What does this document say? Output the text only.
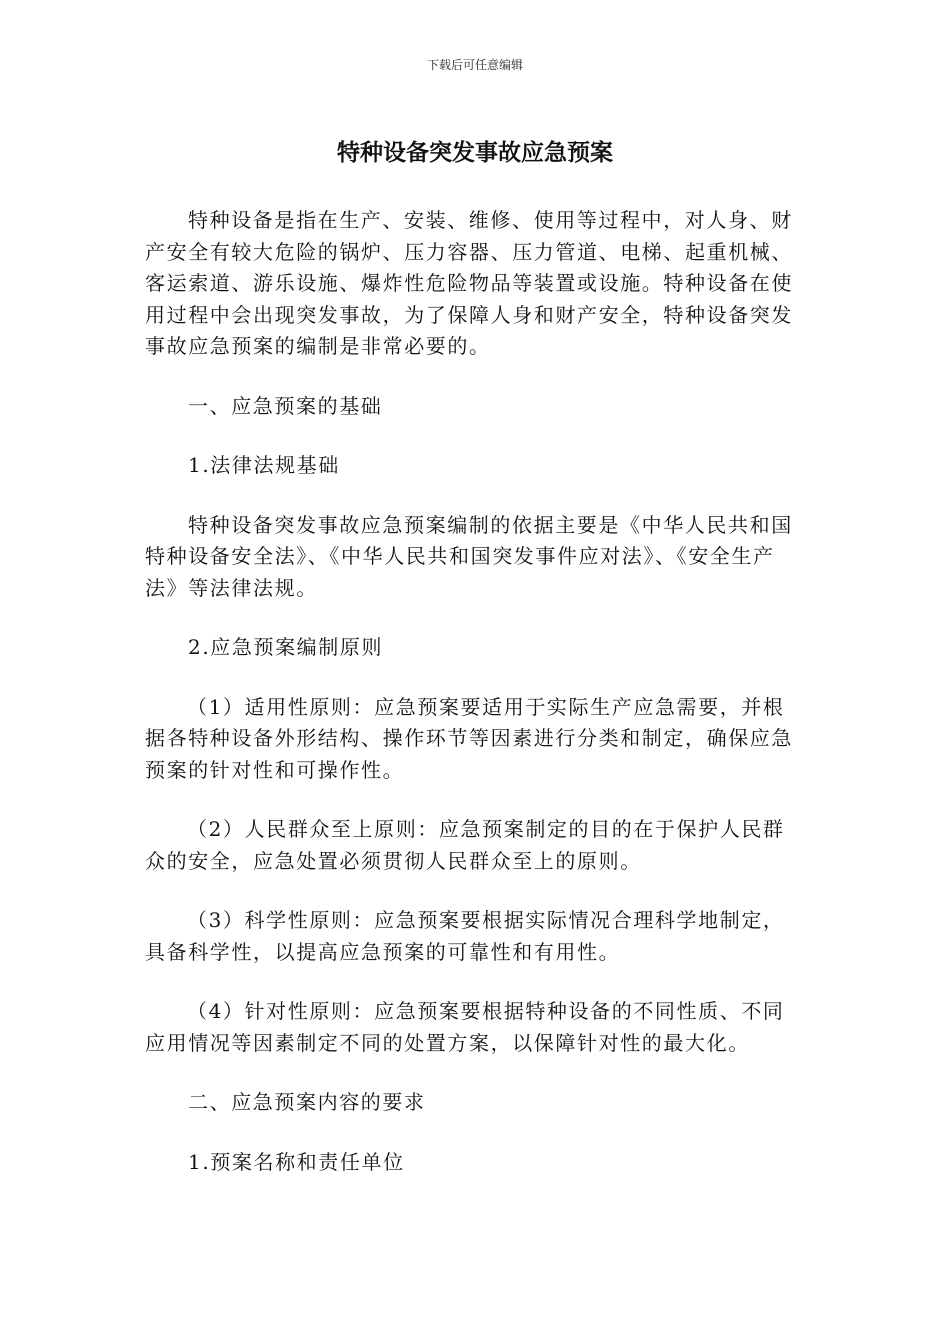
下载后可任意编辑
特种设备突发事故应急预案

特种设备是指在生产、安装、维修、使用等过程中，对人身、财产安全有较大危险的锅炉、压力容器、压力管道、电梯、起重机械、客运索道、游乐设施、爆炸性危险物品等装置或设施。特种设备在使用过程中会出现突发事故，为了保障人身和财产安全，特种设备突发事故应急预案的编制是非常必要的。

一、应急预案的基础

1.法律法规基础

特种设备突发事故应急预案编制的依据主要是《中华人民共和国特种设备安全法》、《中华人民共和国突发事件应对法》、《安全生产法》等法律法规。

2.应急预案编制原则

（1）适用性原则：应急预案要适用于实际生产应急需要，并根据各特种设备外形结构、操作环节等因素进行分类和制定，确保应急预案的针对性和可操作性。

（2）人民群众至上原则：应急预案制定的目的在于保护人民群众的安全，应急处置必须贯彻人民群众至上的原则。

（3）科学性原则：应急预案要根据实际情况合理科学地制定，具备科学性，以提高应急预案的可靠性和有用性。

（4）针对性原则：应急预案要根据特种设备的不同性质、不同应用情况等因素制定不同的处置方案，以保障针对性的最大化。

二、应急预案内容的要求

1.预案名称和责任单位
